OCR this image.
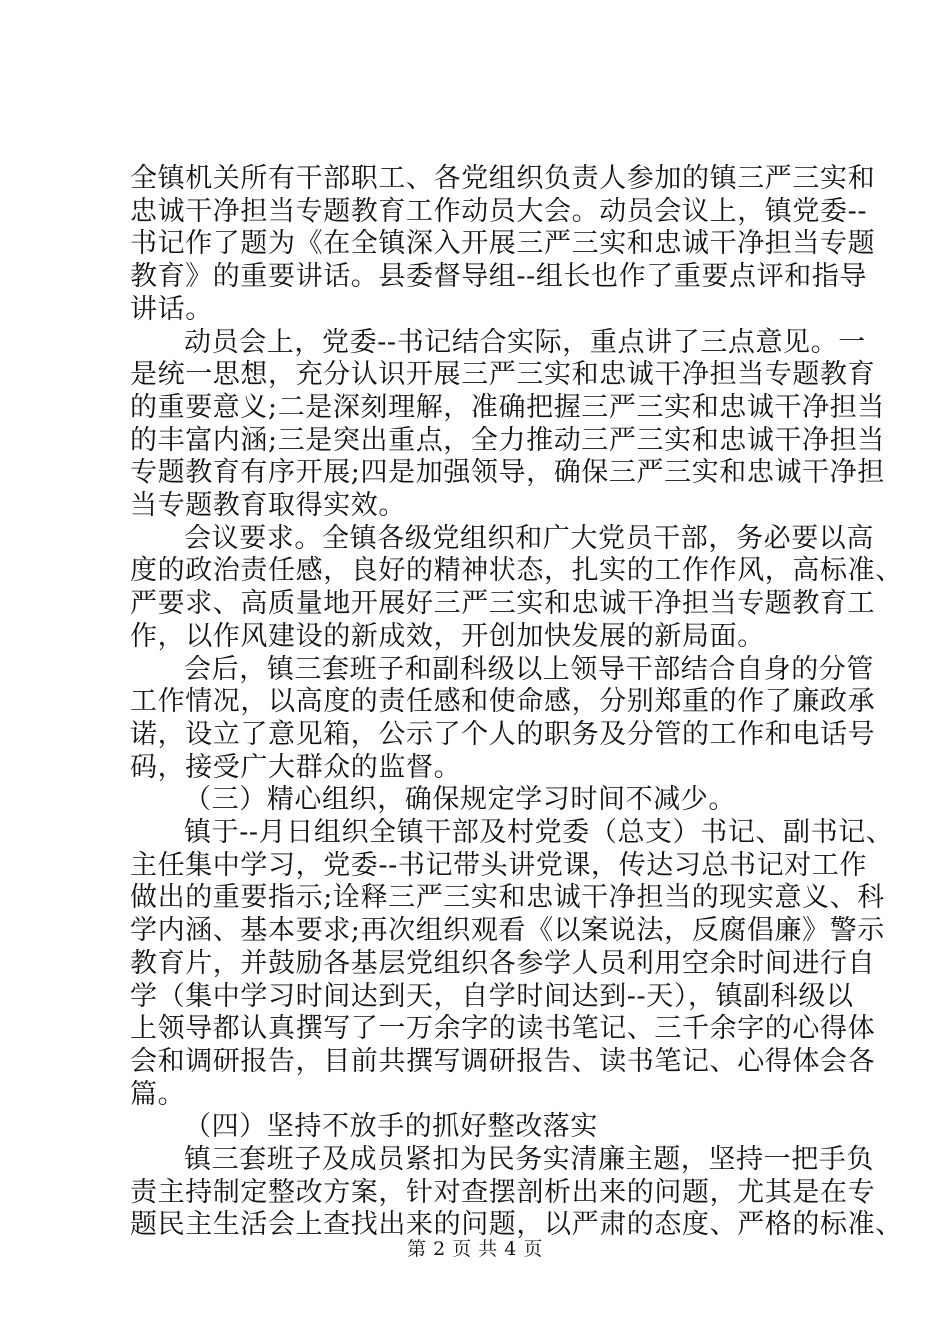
全镇机关所有干部职工、各党组织负责人参加的镇三严三实和
忠诚干净担当专题教育工作动员大会。动员会议上，镇党委--
书记作了题为《在全镇深入开展三严三实和忠诚干净担当专题
教育》的重要讲话。县委督导组--组长也作了重要点评和指导
讲话。
动员会上，党委--书记结合实际，重点讲了三点意见。一
是统一思想，充分认识开展三严三实和忠诚干净担当专题教育
的重要意义;二是深刻理解，准确把握三严三实和忠诚干净担当
的丰富内涵;三是突出重点，全力推动三严三实和忠诚干净担当
专题教育有序开展;四是加强领导，确保三严三实和忠诚干净担
当专题教育取得实效。
会议要求。全镇各级党组织和广大党员干部，务必要以高
度的政治责任感，良好的精神状态，扎实的工作作风，高标准、
严要求、高质量地开展好三严三实和忠诚干净担当专题教育工
作，以作风建设的新成效，开创加快发展的新局面。
会后，镇三套班子和副科级以上领导干部结合自身的分管
工作情况，以高度的责任感和使命感，分别郑重的作了廉政承
诺，设立了意见箱，公示了个人的职务及分管的工作和电话号
码，接受广大群众的监督。
（三）精心组织，确保规定学习时间不减少。
镇于--月日组织全镇干部及村党委（总支）书记、副书记、
主任集中学习，党委--书记带头讲党课，传达习总书记对工作
做出的重要指示;诠释三严三实和忠诚干净担当的现实意义、科
学内涵、基本要求;再次组织观看《以案说法，反腐倡廉》警示
教育片，并鼓励各基层党组织各参学人员利用空余时间进行自
学（集中学习时间达到天，自学时间达到--天），镇副科级以
上领导都认真撰写了一万余字的读书笔记、三千余字的心得体
会和调研报告，目前共撰写调研报告、读书笔记、心得体会各
篇。
（四）坚持不放手的抓好整改落实
镇三套班子及成员紧扣为民务实清廉主题，坚持一把手负
责主持制定整改方案，针对查摆剖析出来的问题，尤其是在专
题民主生活会上查找出来的问题，以严肃的态度、严格的标准、
第 2 页 共 4 页
